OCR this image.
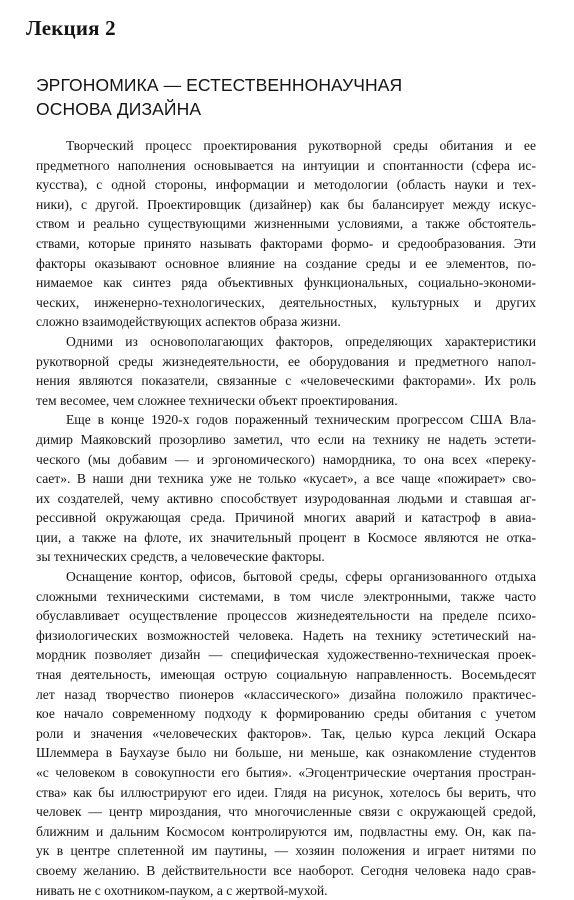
Лекция 2
ЭРГОНОМИКА — ЕСТЕСТВЕННОНАУЧНАЯ
ОСНОВА ДИЗАЙНА
Творческий процесс проектирования рукотворной среды обитания и ее
предметного наполнения основывается на интуиции и спонтанности (сфера ис-
кусства), с одной стороны, информации и методологии (область науки и тех-
ники), с другой. Проектировщик (дизайнер) как бы балансирует между искус-
ством и реально существующими жизненными условиями, а также обстоятель-
ствами, которые принято называть факторами формо- и средообразования. Эти
факторы оказывают основное влияние на создание среды и ее элементов, по-
нимаемое как синтез ряда объективных функциональных, социально-экономи-
ческих, инженерно-технологических, деятельностных, культурных и других
сложно взаимодействующих аспектов образа жизни.
Одними из основополагающих факторов, определяющих характеристики
рукотворной среды жизнедеятельности, ее оборудования и предметного напол-
нения являются показатели, связанные с «человеческими факторами». Их роль
тем весомее, чем сложнее технически объект проектирования.
Еще в конце 1920-х годов пораженный техническим прогрессом США Вла-
димир Маяковский прозорливо заметил, что если на технику не надеть эстети-
ческого (мы добавим — и эргономического) намордника, то она всех «переку-
сает». В наши дни техника уже не только «кусает», а все чаще «пожирает» сво-
их создателей, чему активно способствует изуродованная людьми и ставшая аг-
рессивной окружающая среда. Причиной многих аварий и катастроф в авиа-
ции, а также на флоте, их значительный процент в Космосе являются не отка-
зы технических средств, а человеческие факторы.
Оснащение контор, офисов, бытовой среды, сферы организованного отдыха
сложными техническими системами, в том числе электронными, также часто
обуславливает осуществление процессов жизнедеятельности на пределе психо-
физиологических возможностей человека. Надеть на технику эстетический на-
мордник позволяет дизайн — специфическая художественно-техническая проек-
тная деятельность, имеющая острую социальную направленность. Восемьдесят
лет назад творчество пионеров «классического» дизайна положило практичес-
кое начало современному подходу к формированию среды обитания с учетом
роли и значения «человеческих факторов». Так, целью курса лекций Оскара
Шлеммера в Баухаузе было ни больше, ни меньше, как ознакомление студентов
«с человеком в совокупности его бытия». «Эгоцентрические очертания простран-
ства» как бы иллюстрируют его идеи. Глядя на рисунок, хотелось бы верить, что
человек — центр мироздания, что многочисленные связи с окружающей средой,
ближним и дальним Космосом контролируются им, подвластны ему. Он, как па-
ук в центре сплетенной им паутины, — хозяин положения и играет нитями по
своему желанию. В действительности все наоборот. Сегодня человека надо срав-
нивать не с охотником-пауком, а с жертвой-мухой.
